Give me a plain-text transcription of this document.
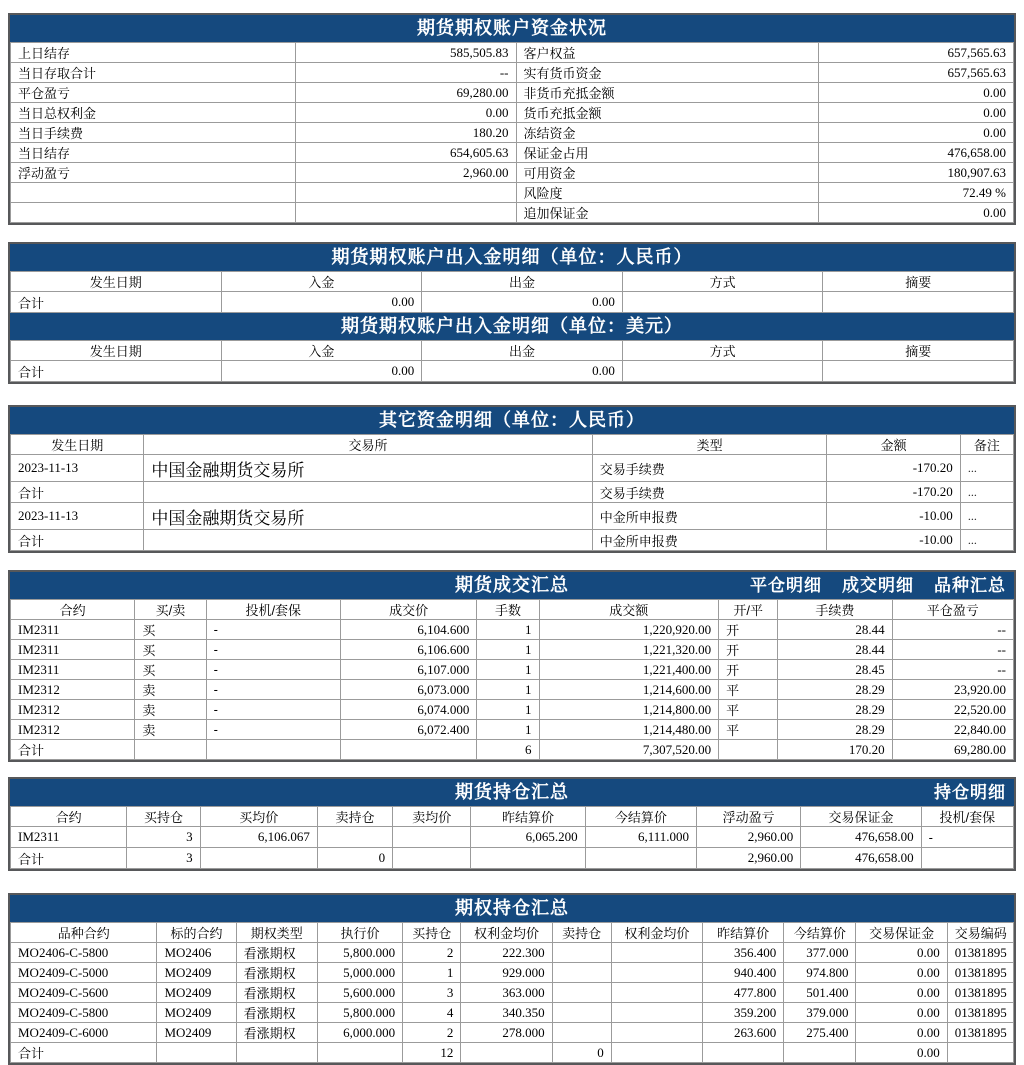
期货期权账户资金状况
上日结存	585,505.83	客户权益	657,565.63
当日存取合计	--	实有货币资金	657,565.63
平仓盈亏	69,280.00	非货币充抵金额	0.00
当日总权利金	0.00	货币充抵金额	0.00
当日手续费	180.20	冻结资金	0.00
当日结存	654,605.63	保证金占用	476,658.00
浮动盈亏	2,960.00	可用资金	180,907.63
		风险度	72.49 %
		追加保证金	0.00
期货期权账户出入金明细（单位：人民币）
发生日期	入金	出金	方式	摘要
合计	0.00	0.00		
期货期权账户出入金明细（单位：美元）
发生日期	入金	出金	方式	摘要
合计	0.00	0.00		
其它资金明细（单位：人民币）
发生日期	交易所	类型	金额	备注
2023-11-13	中国金融期货交易所	交易手续费	-170.20	...
合计		交易手续费	-170.20	...
2023-11-13	中国金融期货交易所	中金所申报费	-10.00	...
合计		中金所申报费	-10.00	...
期货成交汇总	平仓明细 成交明细 品种汇总
合约	买/卖	投机/套保	成交价	手数	成交额	开/平	手续费	平仓盈亏
IM2311	买	-	6,104.600	1	1,220,920.00	开	28.44	--
IM2311	买	-	6,106.600	1	1,221,320.00	开	28.44	--
IM2311	买	-	6,107.000	1	1,221,400.00	开	28.45	--
IM2312	卖	-	6,073.000	1	1,214,600.00	平	28.29	23,920.00
IM2312	卖	-	6,074.000	1	1,214,800.00	平	28.29	22,520.00
IM2312	卖	-	6,072.400	1	1,214,480.00	平	28.29	22,840.00
合计				6	7,307,520.00		170.20	69,280.00
期货持仓汇总	持仓明细
合约	买持仓	买均价	卖持仓	卖均价	昨结算价	今结算价	浮动盈亏	交易保证金	投机/套保
IM2311	3	6,106.067			6,065.200	6,111.000	2,960.00	476,658.00	-
合计	3		0				2,960.00	476,658.00	
期权持仓汇总
品种合约	标的合约	期权类型	执行价	买持仓	权利金均价	卖持仓	权利金均价	昨结算价	今结算价	交易保证金	交易编码
MO2406-C-5800	MO2406	看涨期权	5,800.000	2	222.300			356.400	377.000	0.00	01381895
MO2409-C-5000	MO2409	看涨期权	5,000.000	1	929.000			940.400	974.800	0.00	01381895
MO2409-C-5600	MO2409	看涨期权	5,600.000	3	363.000			477.800	501.400	0.00	01381895
MO2409-C-5800	MO2409	看涨期权	5,800.000	4	340.350			359.200	379.000	0.00	01381895
MO2409-C-6000	MO2409	看涨期权	6,000.000	2	278.000			263.600	275.400	0.00	01381895
合计				12		0				0.00	
